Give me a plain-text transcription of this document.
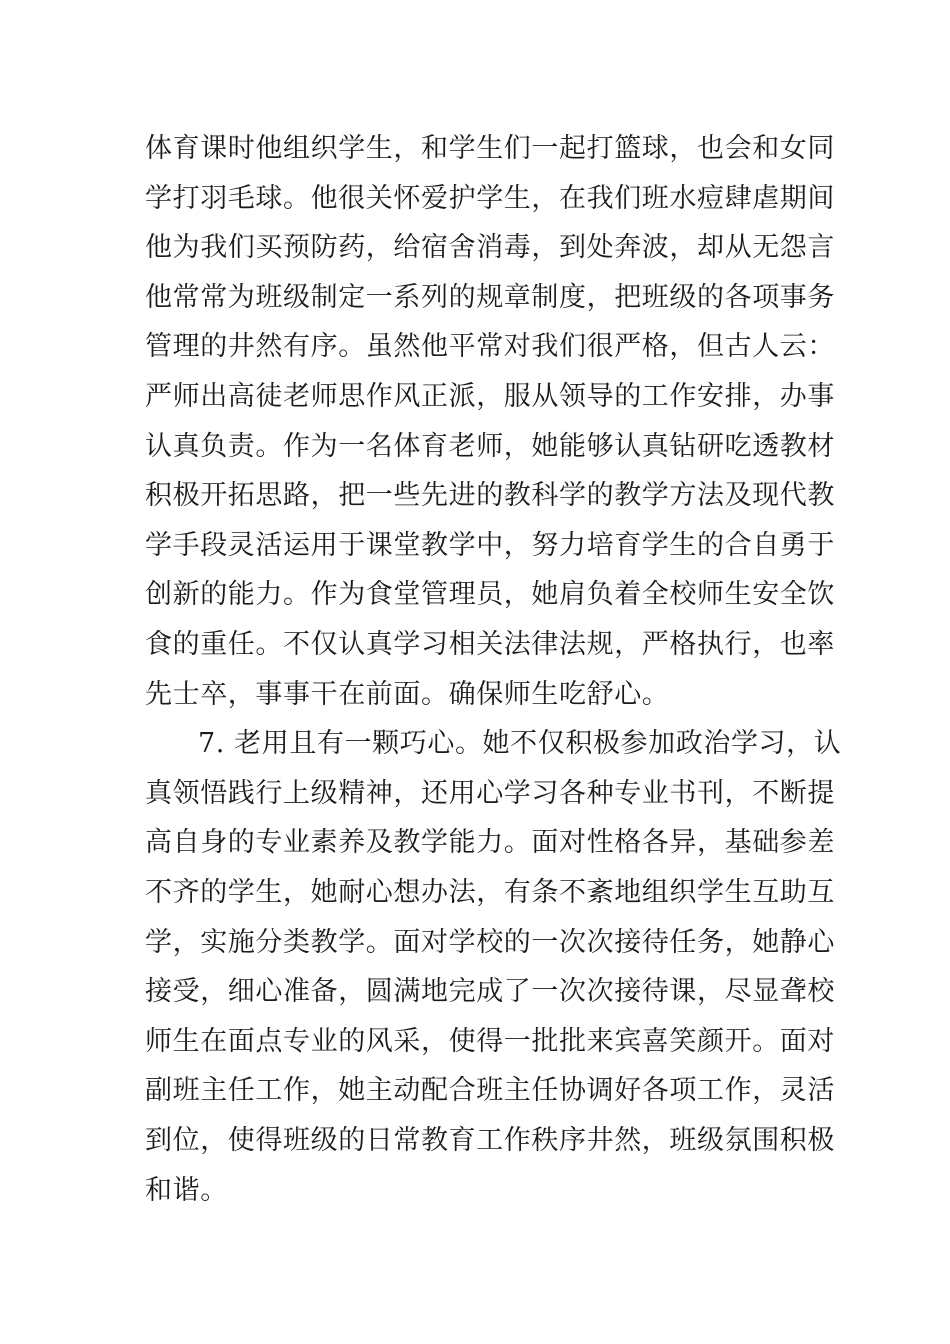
体育课时他组织学生，和学生们一起打篮球，也会和女同
学打羽毛球。他很关怀爱护学生，在我们班水痘肆虐期间
他为我们买预防药，给宿舍消毒，到处奔波，却从无怨言
他常常为班级制定一系列的规章制度，把班级的各项事务
管理的井然有序。虽然他平常对我们很严格，但古人云：
严师出高徒老师思作风正派，服从领导的工作安排，办事
认真负责。作为一名体育老师，她能够认真钻研吃透教材
积极开拓思路，把一些先进的教科学的教学方法及现代教
学手段灵活运用于课堂教学中，努力培育学生的合自勇于
创新的能力。作为食堂管理员，她肩负着全校师生安全饮
食的重任。不仅认真学习相关法律法规，严格执行，也率
先士卒，事事干在前面。确保师生吃舒心。
7. 老用且有一颗巧心。她不仅积极参加政治学习，认
真领悟践行上级精神，还用心学习各种专业书刊，不断提
高自身的专业素养及教学能力。面对性格各异，基础参差
不齐的学生，她耐心想办法，有条不紊地组织学生互助互
学，实施分类教学。面对学校的一次次接待任务，她静心
接受，细心准备，圆满地完成了一次次接待课，尽显聋校
师生在面点专业的风采，使得一批批来宾喜笑颜开。面对
副班主任工作，她主动配合班主任协调好各项工作，灵活
到位，使得班级的日常教育工作秩序井然，班级氛围积极
和谐。
